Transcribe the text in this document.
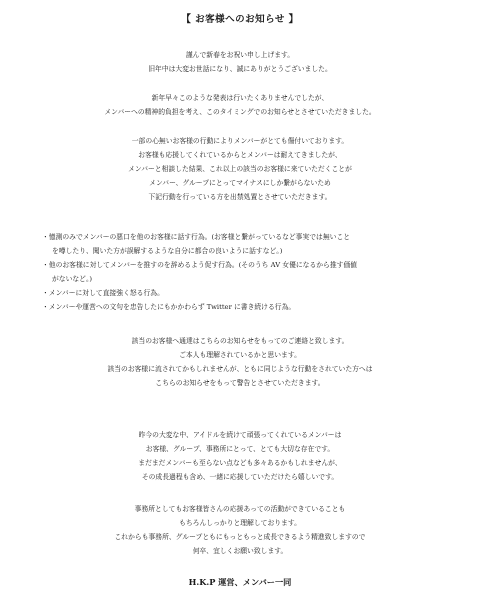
【 お客様へのお知らせ 】
謹んで新春をお祝い申し上げます。
旧年中は大変お世話になり、誠にありがとうございました。
新年早々このような発表は行いたくありませんでしたが、
メンバーへの精神的負担を考え、このタイミングでのお知らせとさせていただきました。
一部の心無いお客様の行動によりメンバーがとても傷付いております。
お客様も応援してくれているからとメンバーは耐えてきましたが、
メンバーと相談した結果、これ以上の該当のお客様に来ていただくことが
メンバー、グループにとってマイナスにしか繋がらないため
下記行動を行っている方を出禁処置とさせていただきます。
・憶測のみでメンバーの悪口を他のお客様に話す行為。(お客様と繋がっているなど事実では無いこと
を噂したり、聞いた方が誤解するような自分に都合の良いように話すなど。)
・他のお客様に対してメンバーを推すのを辞めるよう促す行為。(そのうち AV 女優になるから推す価値
がないなど。)
・メンバーに対して直接強く怒る行為。
・メンバーや運営への文句を忠告したにもかかわらず Twitter に書き続ける行為。
該当のお客様へ通達はこちらのお知らせをもってのご連絡と致します。
ご本人も理解されているかと思います。
該当のお客様に流されてかもしれませんが、ともに同じような行動をされていた方へは
こちらのお知らせをもって警告とさせていただきます。
昨今の大変な中、アイドルを続けて頑張ってくれているメンバーは
お客様、グループ、事務所にとって、とても大切な存在です。
まだまだメンバーも至らない点なども多々あるかもしれませんが、
その成長過程も含め、一緒に応援していただけたら嬉しいです。
事務所としてもお客様皆さんの応援あっての活動ができていることも
もちろんしっかりと理解しております。
これからも事務所、グループともにもっともっと成長できるよう精進致しますので
何卒、宜しくお願い致します。
H.K.P 運営、メンバー一同
